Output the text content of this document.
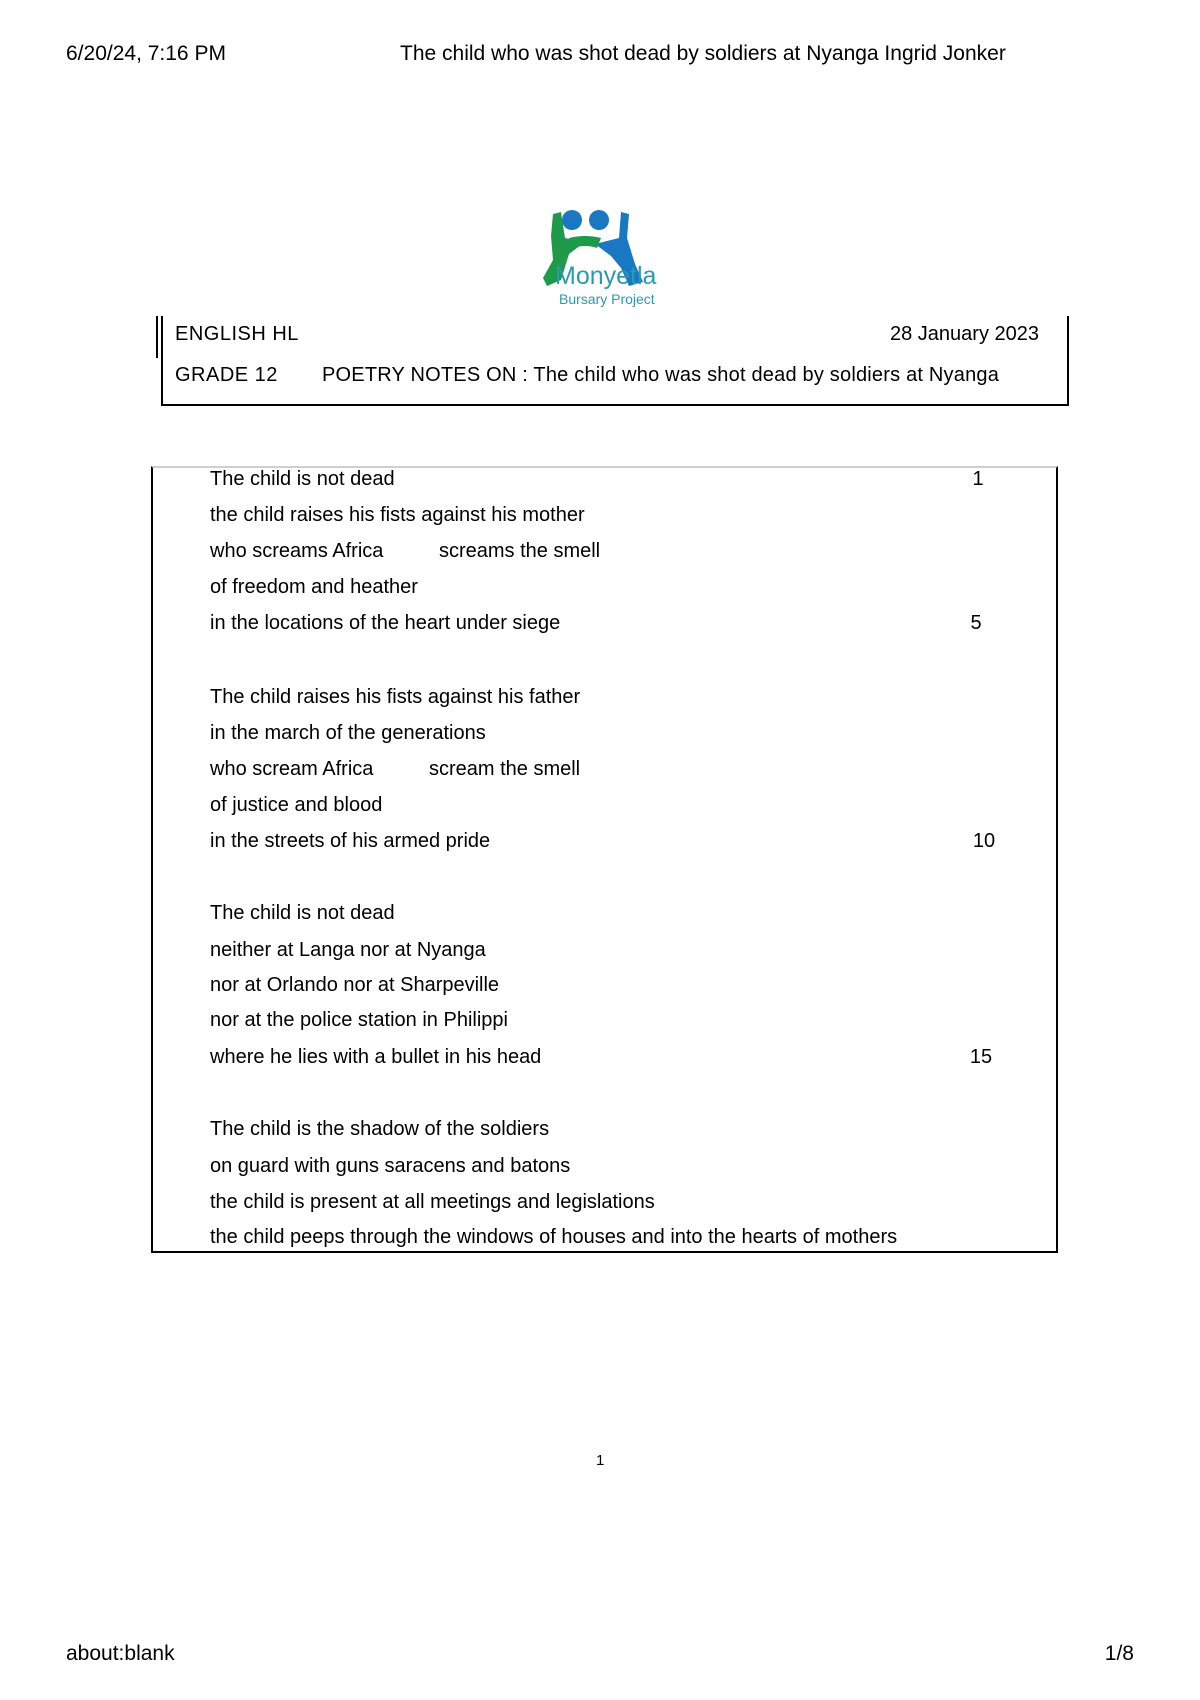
6/20/24, 7:16 PM	The child who was shot dead by soldiers at Nyanga Ingrid Jonker
Monyetla
Bursary Project
ENGLISH HL	28 January 2023
GRADE 12 POETRY NOTES ON : The child who was shot dead by soldiers at Nyanga
The child is not dead
the child raises his fists against his mother
who screams Africa          screams the smell
of freedom and heather
in the locations of the heart under siege
The child raises his fists against his father
in the march of the generations
who scream Africa          scream the smell
of justice and blood
in the streets of his armed pride
The child is not dead
neither at Langa nor at Nyanga
nor at Orlando nor at Sharpeville
nor at the police station in Philippi
where he lies with a bullet in his head
The child is the shadow of the soldiers
on guard with guns saracens and batons
the child is present at all meetings and legislations
the child peeps through the windows of houses and into the hearts of mothers
1
5
10
15
1
about:blank	1/8
